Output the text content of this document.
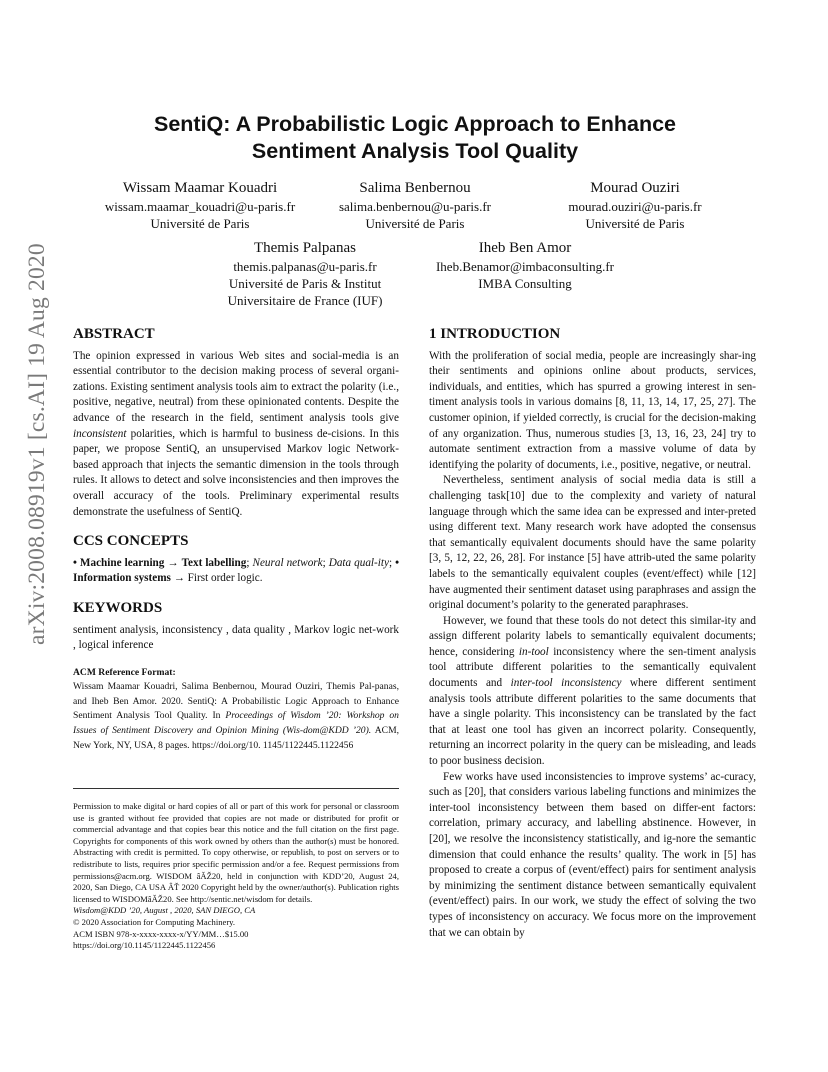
arXiv:2008.08919v1 [cs.AI] 19 Aug 2020
SentiQ: A Probabilistic Logic Approach to Enhance
Sentiment Analysis Tool Quality
Wissam Maamar Kouadri
wissam.maamar_kouadri@u-paris.fr
Université de Paris
Salima Benbernou
salima.benbernou@u-paris.fr
Université de Paris
Mourad Ouziri
mourad.ouziri@u-paris.fr
Université de Paris
Themis Palpanas
themis.palpanas@u-paris.fr
Université de Paris & Institut
Universitaire de France (IUF)
Iheb Ben Amor
Iheb.Benamor@imbaconsulting.fr
IMBA Consulting
ABSTRACT

The opinion expressed in various Web sites and social-media is an essential contributor to the decision making process of several organi-zations. Existing sentiment analysis tools aim to extract the polarity (i.e., positive, negative, neutral) from these opinionated contents. Despite the advance of the research in the field, sentiment analysis tools give inconsistent polarities, which is harmful to business de-cisions. In this paper, we propose SentiQ, an unsupervised Markov logic Network-based approach that injects the semantic dimension in the tools through rules. It allows to detect and solve inconsistencies and then improves the overall accuracy of the tools. Preliminary experimental results demonstrate the usefulness of SentiQ.

CCS CONCEPTS

• Machine learning → Text labelling; Neural network; Data qual-ity; • Information systems → First order logic.

KEYWORDS

sentiment analysis, inconsistency , data quality , Markov logic net-work , logical inference

ACM Reference Format:

Wissam Maamar Kouadri, Salima Benbernou, Mourad Ouziri, Themis Pal-panas, and Iheb Ben Amor. 2020. SentiQ: A Probabilistic Logic Approach to Enhance Sentiment Analysis Tool Quality. In Proceedings of Wisdom ’20: Workshop on Issues of Sentiment Discovery and Opinion Mining (Wis-dom@KDD ’20). ACM, New York, NY, USA, 8 pages. https://doi.org/10. 1145/1122445.1122456

Permission to make digital or hard copies of all or part of this work for personal or classroom use is granted without fee provided that copies are not made or distributed for profit or commercial advantage and that copies bear this notice and the full citation on the first page. Copyrights for components of this work owned by others than the author(s) must be honored. Abstracting with credit is permitted. To copy otherwise, or republish, to post on servers or to redistribute to lists, requires prior specific permission and/or a fee. Request permissions from permissions@acm.org. WISDOM âĂŽ20, held in conjunction with KDD’20, August 24, 2020, San Diego, CA USA ÂŤ 2020 Copyright held by the owner/author(s). Publication rights licensed to WISDOMâĂŽ20. See http://sentic.net/wisdom for details.

Wisdom@KDD ’20, August , 2020, SAN DIEGO, CA

© 2020 Association for Computing Machinery.

ACM ISBN 978-x-xxxx-xxxx-x/YY/MM…$15.00

https://doi.org/10.1145/1122445.1122456

1 INTRODUCTION

With the proliferation of social media, people are increasingly shar-ing their sentiments and opinions online about products, services, individuals, and entities, which has spurred a growing interest in sen-timent analysis tools in various domains [8, 11, 13, 14, 17, 25, 27]. The customer opinion, if yielded correctly, is crucial for the decision-making of any organization. Thus, numerous studies [3, 13, 16, 23, 24] try to automate sentiment extraction from a massive volume of data by identifying the polarity of documents, i.e., positive, negative, or neutral.

Nevertheless, sentiment analysis of social media data is still a challenging task[10] due to the complexity and variety of natural language through which the same idea can be expressed and inter-preted using different text. Many research work have adopted the consensus that semantically equivalent documents should have the same polarity [3, 5, 12, 22, 26, 28]. For instance [5] have attrib-uted the same polarity labels to the semantically equivalent couples (event/effect) while [12] have augmented their sentiment dataset using paraphrases and assign the original document’s polarity to the generated paraphrases.

However, we found that these tools do not detect this similar-ity and assign different polarity labels to semantically equivalent documents; hence, considering in-tool inconsistency where the sen-timent analysis tool attribute different polarities to the semantically equivalent documents and inter-tool inconsistency where different sentiment analysis tools attribute different polarities to the same documents that have a single polarity. This inconsistency can be translated by the fact that at least one tool has given an incorrect polarity. Consequently, returning an incorrect polarity in the query can be misleading, and leads to poor business decision.

Few works have used inconsistencies to improve systems’ ac-curacy, such as [20], that considers various labeling functions and minimizes the inter-tool inconsistency between them based on differ-ent factors: correlation, primary accuracy, and labelling abstinence. However, in [20], we resolve the inconsistency statistically, and ig-nore the semantic dimension that could enhance the results’ quality. The work in [5] has proposed to create a corpus of (event/effect) pairs for sentiment analysis by minimizing the sentiment distance between semantically equivalent (event/effect) pairs. In our work, we study the effect of solving the two types of inconsistency on accuracy. We focus more on the improvement that we can obtain by
